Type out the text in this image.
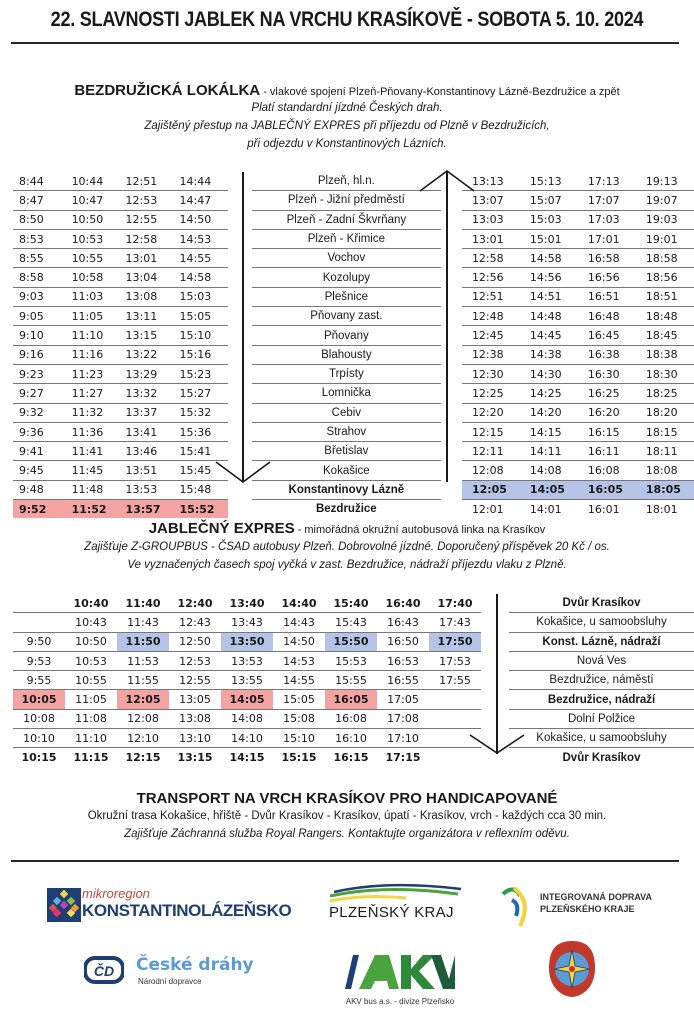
22. SLAVNOSTI JABLEK NA VRCHU KRASÍKOVĚ - SOBOTA 5. 10. 2024
BEZDRUŽICKÁ LOKÁLKA - vlakové spojení Plzeň-Pňovany-Konstantinovy Lázně-Bezdružice a zpět
Platí standardní jízdné Českých drah.
Zajištěný přestup na JABLEČNÝ EXPRES při příjezdu od Plzně v Bezdružicích,
při odjezdu v Konstantinových Lázních.
8:44	10:44	12:51	14:44		Plzeň, hl.n.		13:13	15:13	17:13	19:13
8:47	10:47	12:53	14:47		Plzeň - Jižní předměstí		13:07	15:07	17:07	19:07
8:50	10:50	12:55	14:50		Plzeň - Zadní Škvrňany		13:03	15:03	17:03	19:03
8:53	10:53	12:58	14:53		Plzeň - Křimice		13:01	15:01	17:01	19:01
8:55	10:55	13:01	14:55		Vochov		12:58	14:58	16:58	18:58
8:58	10:58	13:04	14:58		Kozolupy		12:56	14:56	16:56	18:56
9:03	11:03	13:08	15:03		Plešnice		12:51	14:51	16:51	18:51
9:05	11:05	13:11	15:05		Pňovany zast.		12:48	14:48	16:48	18:48
9:10	11:10	13:15	15:10		Pňovany		12:45	14:45	16:45	18:45
9:16	11:16	13:22	15:16		Blahousty		12:38	14:38	16:38	18:38
9:23	11:23	13:29	15:23		Trpísty		12:30	14:30	16:30	18:30
9:27	11:27	13:32	15:27		Lomnička		12:25	14:25	16:25	18:25
9:32	11:32	13:37	15:32		Cebiv		12:20	14:20	16:20	18:20
9:36	11:36	13:41	15:36		Strahov		12:15	14:15	16:15	18:15
9:41	11:41	13:46	15:41		Břetislav		12:11	14:11	16:11	18:11
9:45	11:45	13:51	15:45		Kokašice		12:08	14:08	16:08	18:08
9:48	11:48	13:53	15:48		Konstantinovy Lázně		12:05	14:05	16:05	18:05
9:52	11:52	13:57	15:52		Bezdružice		12:01	14:01	16:01	18:01
JABLEČNÝ EXPRES - mimořádná okružní autobusová linka na Krasíkov
Zajišťuje Z-GROUPBUS - ČSAD autobusy Plzeň. Dobrovolné jízdné. Doporučený příspěvek 20 Kč / os.
Ve vyznačených časech spoj vyčká v zast. Bezdružice, nádraží příjezdu vlaku z Plzně.
	10:40	11:40	12:40	13:40	14:40	15:40	16:40	17:40		Dvůr Krasíkov
	10:43	11:43	12:43	13:43	14:43	15:43	16:43	17:43		Kokašice, u samoobsluhy
9:50	10:50	11:50	12:50	13:50	14:50	15:50	16:50	17:50		Konst. Lázně, nádraží
9:53	10:53	11:53	12:53	13:53	14:53	15:53	16:53	17:53		Nová Ves
9:55	10:55	11:55	12:55	13:55	14:55	15:55	16:55	17:55		Bezdružice, náměstí
10:05	11:05	12:05	13:05	14:05	15:05	16:05	17:05			Bezdružice, nádraží
10:08	11:08	12:08	13:08	14:08	15:08	16:08	17:08			Dolní Polžice
10:10	11:10	12:10	13:10	14:10	15:10	16:10	17:10			Kokašice, u samoobsluhy
10:15	11:15	12:15	13:15	14:15	15:15	16:15	17:15			Dvůr Krasíkov
TRANSPORT NA VRCH KRASÍKOV PRO HANDICAPOVANÉ
Okružní trasa Kokašice, hřiště - Dvůr Krasíkov - Krasíkov, úpatí - Krasíkov, vrch - každých cca 30 min.
Zajišťuje Záchranná služba Royal Rangers. Kontaktujte organizátora v reflexním oděvu.
mikroregion
KONSTANTINOLÁZEŇSKO	PLZEŇSKÝ KRAJ
INTEGROVANÁ DOPRAVA
PLZEŇSKÉHO KRAJE
ČD České dráhy
Národní dopravce
AKV bus a.s. - divize Plzeňsko
